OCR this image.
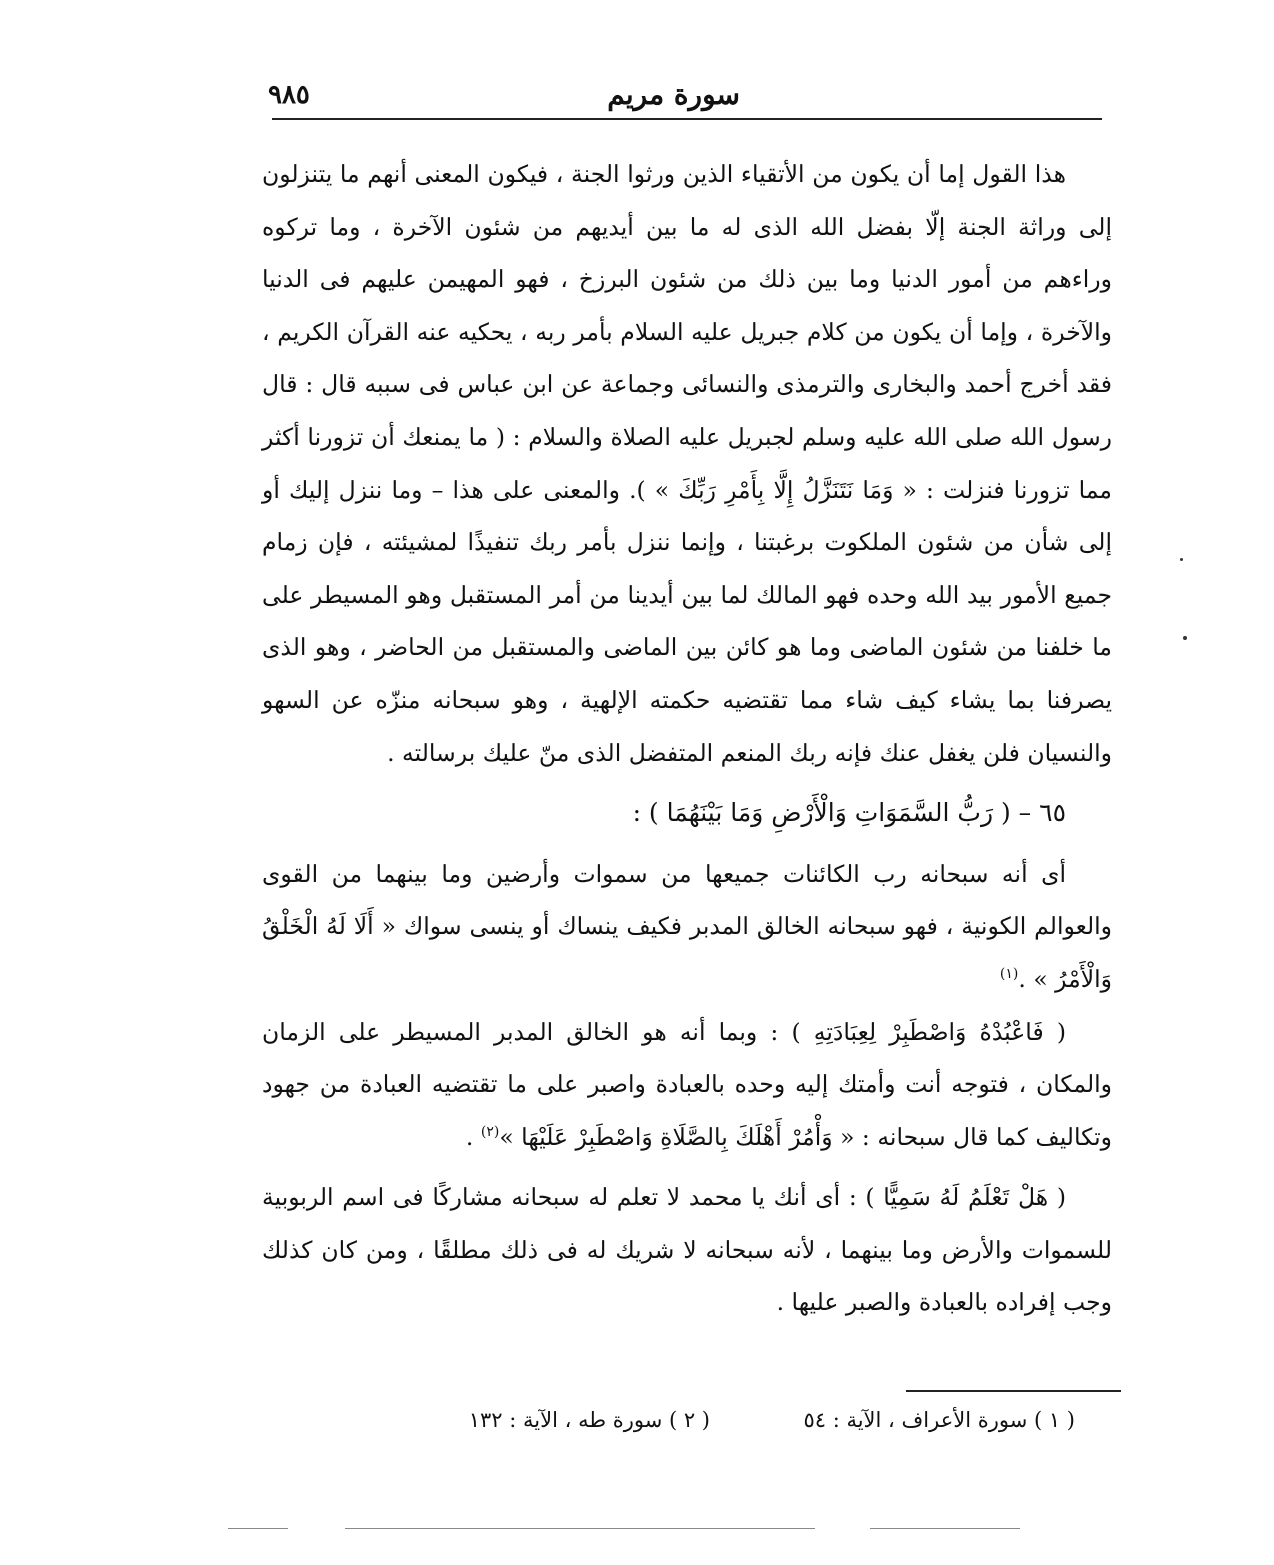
سورة مريم
٩٨٥

هذا القول إما أن يكون من الأتقياء الذين ورثوا الجنة ، فيكون المعنى أنهم ما يتنزلون إلى وراثة الجنة إلّا بفضل الله الذى له ما بين أيديهم من شئون الآخرة ، وما تركوه وراءهم من أمور الدنيا وما بين ذلك من شئون البرزخ ، فهو المهيمن عليهم فى الدنيا والآخرة ، وإما أن يكون من كلام جبريل عليه السلام بأمر ربه ، يحكيه عنه القرآن الكريم ، فقد أخرج أحمد والبخارى والترمذى والنسائى وجماعة عن ابن عباس فى سببه قال : قال رسول الله صلى الله عليه وسلم لجبريل عليه الصلاة والسلام : ( ما يمنعك أن تزورنا أكثر مما تزورنا فنزلت : « وَمَا نَتَنَزَّلُ إِلَّا بِأَمْرِ رَبِّكَ » ). والمعنى على هذا – وما ننزل إليك أو إلى شأن من شئون الملكوت برغبتنا ، وإنما ننزل بأمر ربك تنفيذًا لمشيئته ، فإن زمام جميع الأمور بيد الله وحده فهو المالك لما بين أيدينا من أمر المستقبل وهو المسيطر على ما خلفنا من شئون الماضى وما هو كائن بين الماضى والمستقبل من الحاضر ، وهو الذى يصرفنا بما يشاء كيف شاء مما تقتضيه حكمته الإلهية ، وهو سبحانه منزّه عن السهو والنسيان فلن يغفل عنك فإنه ربك المنعم المتفضل الذى منّ عليك برسالته .

٦٥ – ( رَبُّ السَّمَوَاتِ وَالْأَرْضِ وَمَا بَيْنَهُمَا ) :

أى أنه سبحانه رب الكائنات جميعها من سموات وأرضين وما بينهما من القوى والعوالم الكونية ، فهو سبحانه الخالق المدبر فكيف ينساك أو ينسى سواك « أَلَا لَهُ الْخَلْقُ وَالْأَمْرُ » .$^{(١)}$

( فَاعْبُدْهُ وَاصْطَبِرْ لِعِبَادَتِهِ ) : وبما أنه هو الخالق المدبر المسيطر على الزمان والمكان ، فتوجه أنت وأمتك إليه وحده بالعبادة واصبر على ما تقتضيه العبادة من جهود وتكاليف كما قال سبحانه : « وَأْمُرْ أَهْلَكَ بِالصَّلَاةِ وَاصْطَبِرْ عَلَيْهَا »$^{(٢)}$ .

( هَلْ تَعْلَمُ لَهُ سَمِيًّا ) : أى أنك يا محمد لا تعلم له سبحانه مشاركًا فى اسم الربوبية للسموات والأرض وما بينهما ، لأنه سبحانه لا شريك له فى ذلك مطلقًا ، ومن كان كذلك وجب إفراده بالعبادة والصبر عليها .

( ١ ) سورة الأعراف ، الآية : ٥٤
( ٢ ) سورة طه ، الآية : ١٣٢
